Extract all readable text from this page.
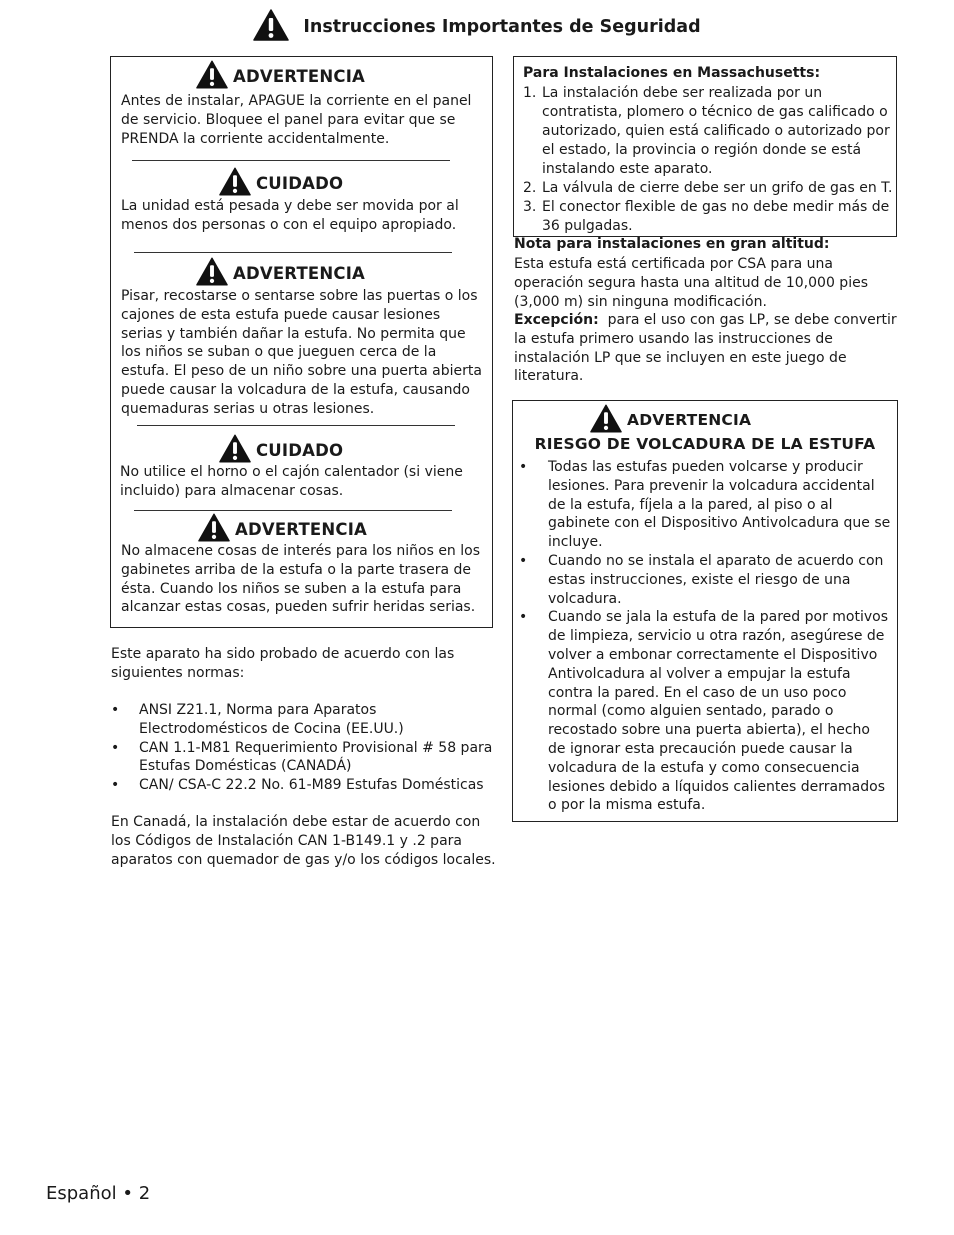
Instrucciones Importantes de Seguridad
ADVERTENCIA

Antes de instalar, APAGUE la corriente en el panel de servicio. Bloquee el panel para evitar que se PRENDA la corriente accidentalmente.

CUIDADO

La unidad está pesada y debe ser movida por al menos dos personas o con el equipo apropiado.

ADVERTENCIA

Pisar, recostarse o sentarse sobre las puertas o los cajones de esta estufa puede causar lesiones serias y también dañar la estufa. No permita que los niños se suban o que jueguen cerca de la estufa. El peso de un niño sobre una puerta abierta puede causar la volcadura de la estufa, causando quemaduras serias u otras lesiones.

CUIDADO

No utilice el horno o el cajón calentador (si viene incluido) para almacenar cosas.

ADVERTENCIA

No almacene cosas de interés para los niños en los gabinetes arriba de la estufa o la parte trasera de ésta. Cuando los niños se suben a la estufa para alcanzar estas cosas, pueden sufrir heridas serias.

Este aparato ha sido probado de acuerdo con las siguientes normas:

• ANSI Z21.1, Norma para Aparatos Electrodomésticos de Cocina (EE.UU.)
• CAN 1.1-M81 Requerimiento Provisional # 58 para Estufas Domésticas (CANADÁ)
• CAN/ CSA-C 22.2 No. 61-M89 Estufas Domésticas

En Canadá, la instalación debe estar de acuerdo con los Códigos de Instalación CAN 1-B149.1 y .2 para aparatos con quemador de gas y/o los códigos locales.

Para Instalaciones en Massachusetts:
1. La instalación debe ser realizada por un contratista, plomero o técnico de gas calificado o autorizado, quien está calificado o autorizado por el estado, la provincia o región donde se está instalando este aparato.
2. La válvula de cierre debe ser un grifo de gas en T.
3. El conector flexible de gas no debe medir más de 36 pulgadas.
Nota para instalaciones en gran altitud:

Esta estufa está certificada por CSA para una operación segura hasta una altitud de 10,000 pies (3,000 m) sin ninguna modificación.

Excepción: para el uso con gas LP, se debe convertir la estufa primero usando las instrucciones de instalación LP que se incluyen en este juego de literatura.

ADVERTENCIA
RIESGO DE VOLCADURA DE LA ESTUFA
• Todas las estufas pueden volcarse y producir lesiones. Para prevenir la volcadura accidental de la estufa, fíjela a la pared, al piso o al gabinete con el Dispositivo Antivolcadura que se incluye.
• Cuando no se instala el aparato de acuerdo con estas instrucciones, existe el riesgo de una volcadura.
• Cuando se jala la estufa de la pared por motivos de limpieza, servicio u otra razón, asegúrese de volver a embonar correctamente el Dispositivo Antivolcadura al volver a empujar la estufa contra la pared. En el caso de un uso poco normal (como alguien sentado, parado o recostado sobre una puerta abierta), el hecho de ignorar esta precaución puede causar la volcadura de la estufa y como consecuencia lesiones debido a líquidos calientes derramados o por la misma estufa.
Español • 2
